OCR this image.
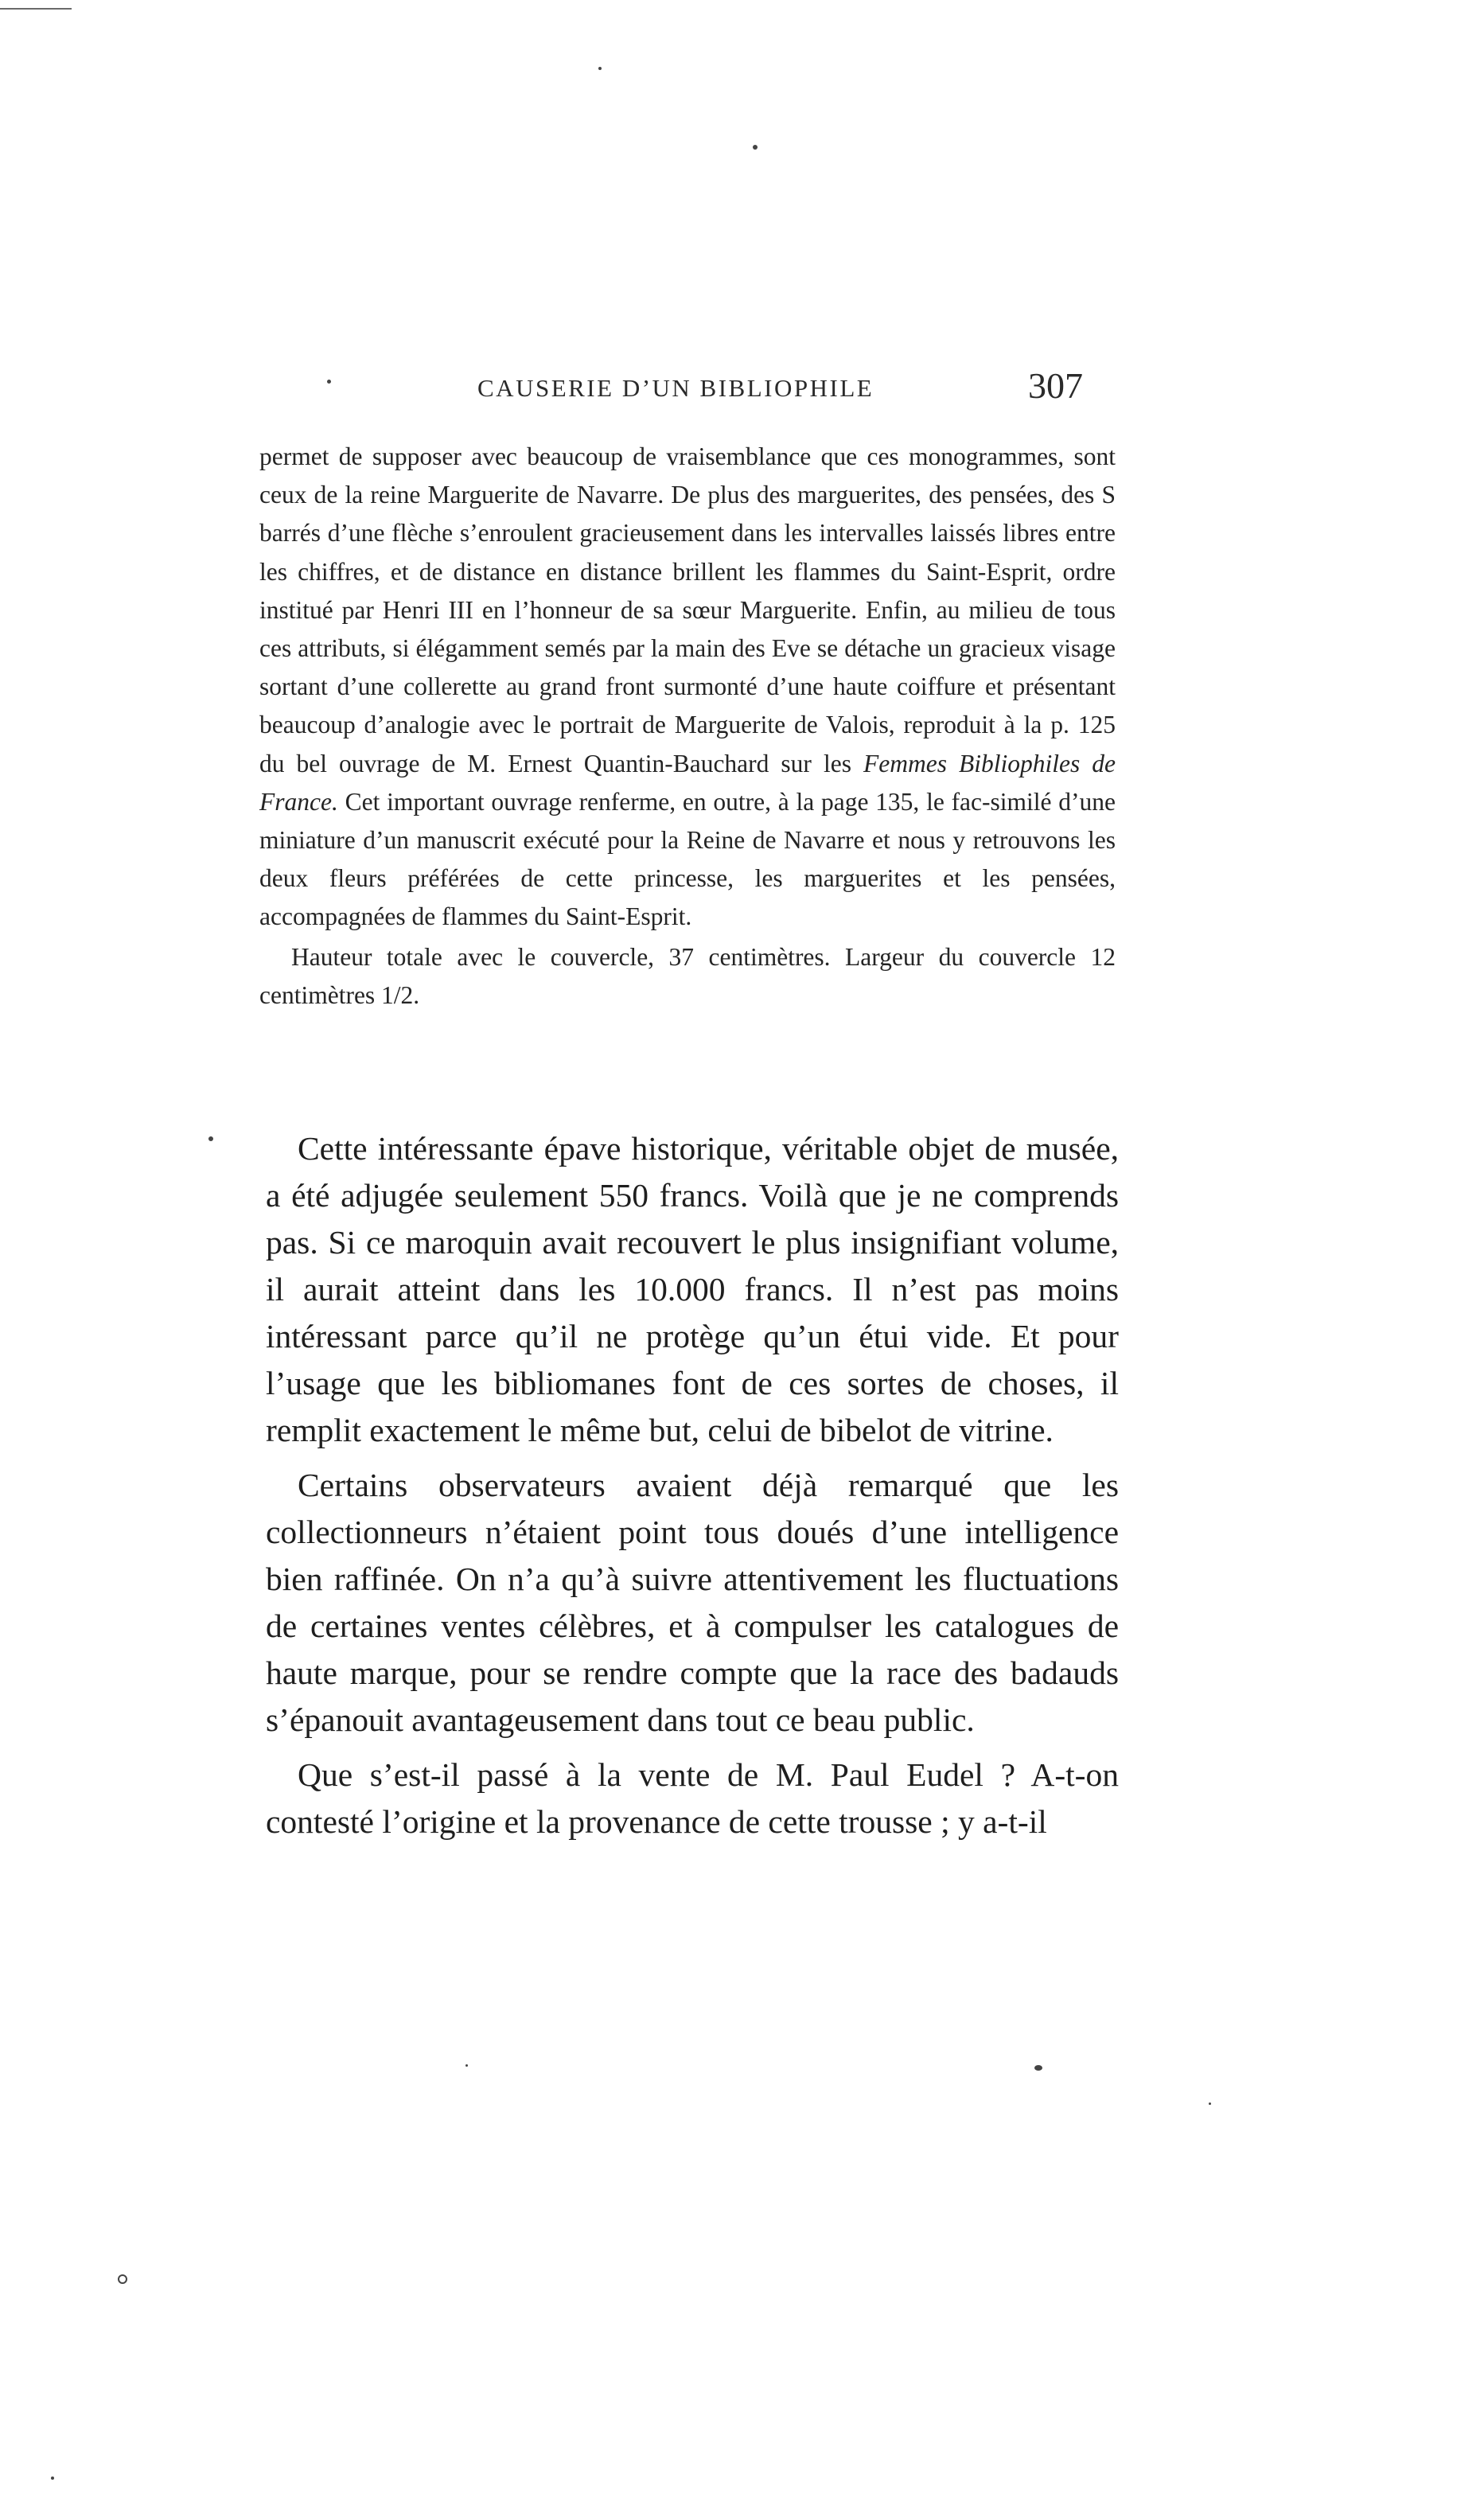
CAUSERIE D’UN BIBLIOPHILE	307

permet de supposer avec beaucoup de vraisemblance que ces monogrammes, sont ceux de la reine Marguerite de Navarre. De plus des marguerites, des pensées, des S barrés d’une flèche s’enroulent gracieusement dans les intervalles laissés libres entre les chiffres, et de distance en distance brillent les flammes du Saint-Esprit, ordre institué par Henri III en l’honneur de sa sœur Marguerite. Enfin, au milieu de tous ces attributs, si élégamment semés par la main des Eve se détache un gracieux visage sortant d’une collerette au grand front surmonté d’une haute coiffure et présentant beaucoup d’analogie avec le portrait de Marguerite de Valois, reproduit à la p. 125 du bel ouvrage de M. Ernest Quantin-Bauchard sur les Femmes Bibliophiles de France. Cet important ouvrage renferme, en outre, à la page 135, le fac-similé d’une miniature d’un manuscrit exécuté pour la Reine de Navarre et nous y retrouvons les deux fleurs préférées de cette princesse, les marguerites et les pensées, accompagnées de flammes du Saint-Esprit.

Hauteur totale avec le couvercle, 37 centimètres. Largeur du couvercle 12 centimètres 1/2.

Cette intéressante épave historique, véritable objet de musée, a été adjugée seulement 550 francs. Voilà que je ne comprends pas. Si ce maroquin avait recouvert le plus insignifiant volume, il aurait atteint dans les 10.000 francs. Il n’est pas moins intéressant parce qu’il ne protège qu’un étui vide. Et pour l’usage que les bibliomanes font de ces sortes de choses, il remplit exactement le même but, celui de bibelot de vitrine.

Certains observateurs avaient déjà remarqué que les collectionneurs n’étaient point tous doués d’une intelligence bien raffinée. On n’a qu’à suivre attentivement les fluctuations de certaines ventes célèbres, et à compulser les catalogues de haute marque, pour se rendre compte que la race des badauds s’épanouit avantageusement dans tout ce beau public.

Que s’est-il passé à la vente de M. Paul Eudel ? A-t-on contesté l’origine et la provenance de cette trousse ; y a-t-il
